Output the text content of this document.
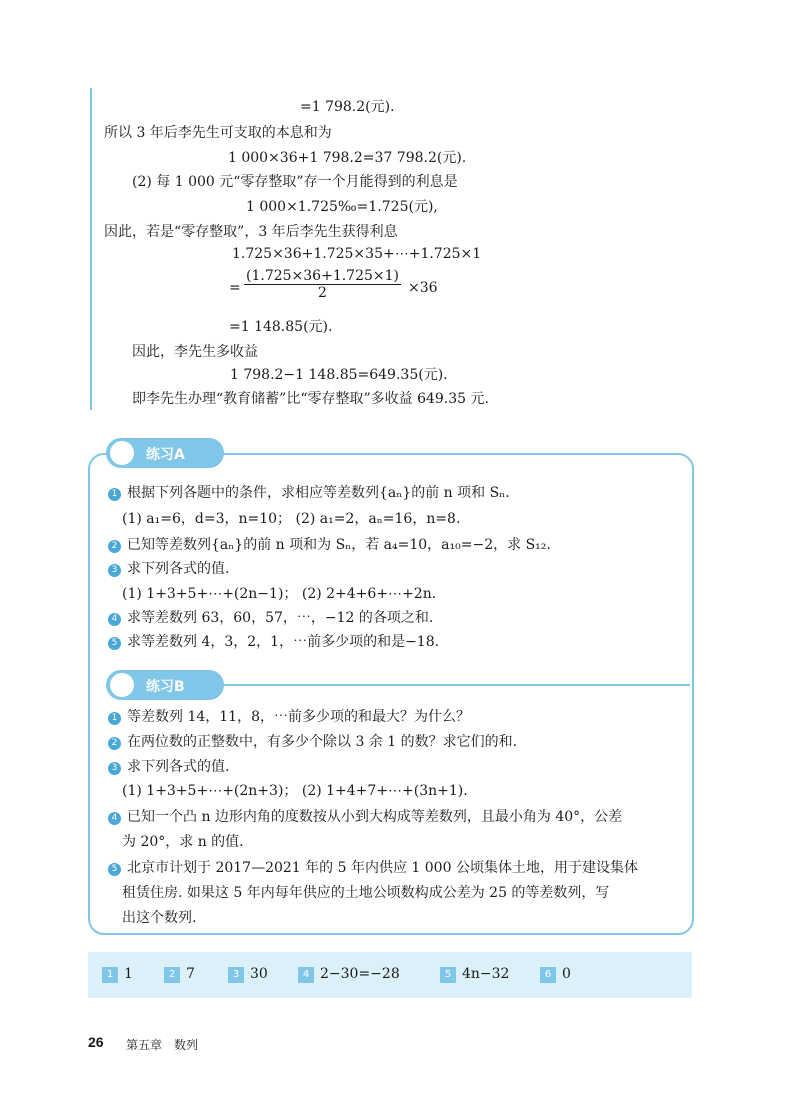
=1 798.2(元).
所以 3 年后李先生可支取的本息和为
1 000×36+1 798.2=37 798.2(元).
(2) 每 1 000 元“零存整取”存一个月能得到的利息是
1 000×1.725‰=1.725(元),
因此，若是“零存整取”，3 年后李先生获得利息
1.725×36+1.725×35+⋯+1.725×1
= $\frac{(1.725\times 36+1.725\times 1)}{2} \times 36$
=1 148.85(元).
因此，李先生多收益
1 798.2−1 148.85=649.35(元).
即李先生办理“教育储蓄”比“零存整取”多收益 649.35 元.
练习A
1 根据下列各题中的条件，求相应等差数列{aₙ}的前 n 项和 Sₙ.
(1) a₁=6，d=3，n=10； (2) a₁=2，aₙ=16，n=8.
2 已知等差数列{aₙ}的前 n 项和为 Sₙ，若 a₄=10，a₁₀=−2，求 S₁₂.
3 求下列各式的值.
(1) 1+3+5+⋯+(2n−1)； (2) 2+4+6+⋯+2n.
4 求等差数列 63，60，57，⋯，−12 的各项之和.
5 求等差数列 4，3，2，1，⋯前多少项的和是−18.
练习B
1 等差数列 14，11，8，⋯前多少项的和最大？为什么？
2 在两位数的正整数中，有多少个除以 3 余 1 的数？求它们的和.
3 求下列各式的值.
(1) 1+3+5+⋯+(2n+3)； (2) 1+4+7+⋯+(3n+1).
4 已知一个凸 n 边形内角的度数按从小到大构成等差数列，且最小角为 40°，公差
为 20°，求 n 的值.
5 北京市计划于 2017—2021 年的 5 年内供应 1 000 公顷集体土地，用于建设集体
租赁住房. 如果这 5 年内每年供应的土地公顷数构成公差为 25 的等差数列，写
出这个数列.
1 1	2 7	3 30	4 2−30=−28	5 4n−32	6 0
26 第五章　数列
